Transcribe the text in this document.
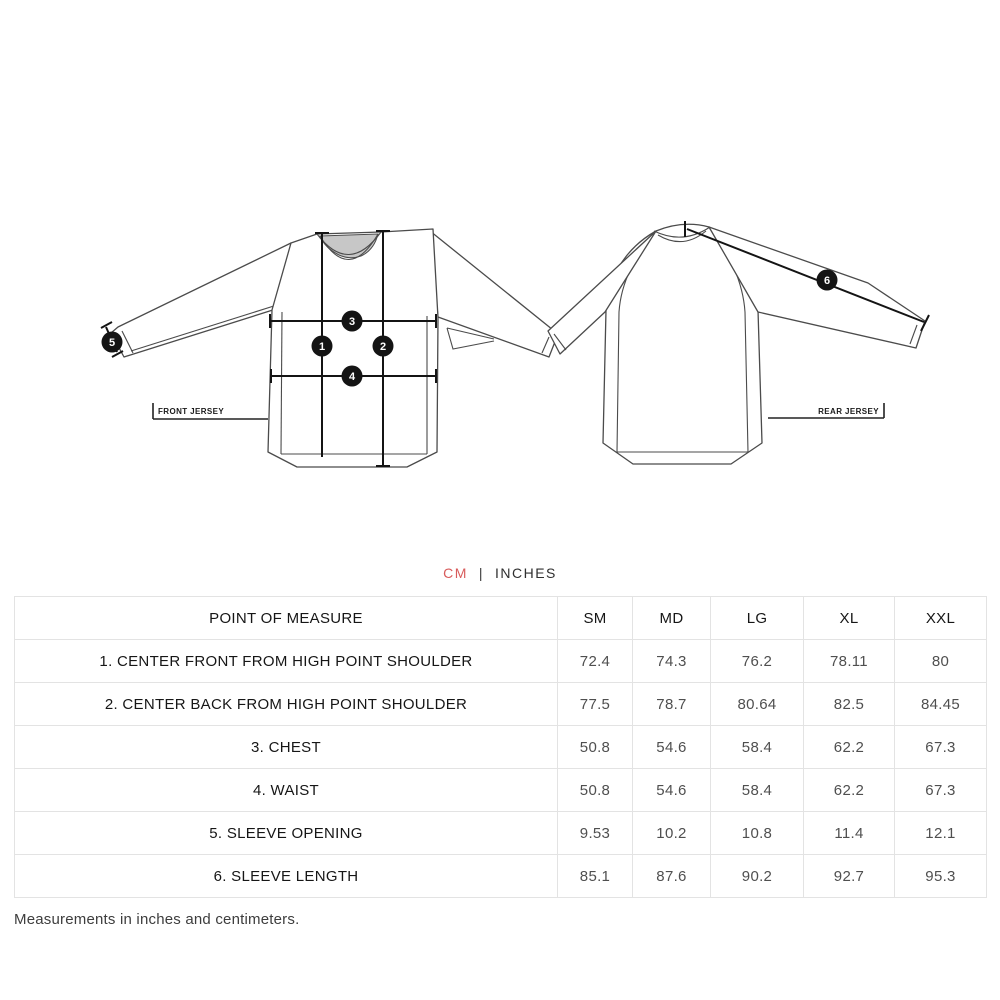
1	2
3
4
5
FRONT JERSEY
6
REAR JERSEY
CM | INCHES
POINT OF MEASURE	SM	MD	LG	XL	XXL
1. CENTER FRONT FROM HIGH POINT SHOULDER	72.4	74.3	76.2	78.11	80
2. CENTER BACK FROM HIGH POINT SHOULDER	77.5	78.7	80.64	82.5	84.45
3. CHEST	50.8	54.6	58.4	62.2	67.3
4. WAIST	50.8	54.6	58.4	62.2	67.3
5. SLEEVE OPENING	9.53	10.2	10.8	11.4	12.1
6. SLEEVE LENGTH	85.1	87.6	90.2	92.7	95.3
Measurements in inches and centimeters.
